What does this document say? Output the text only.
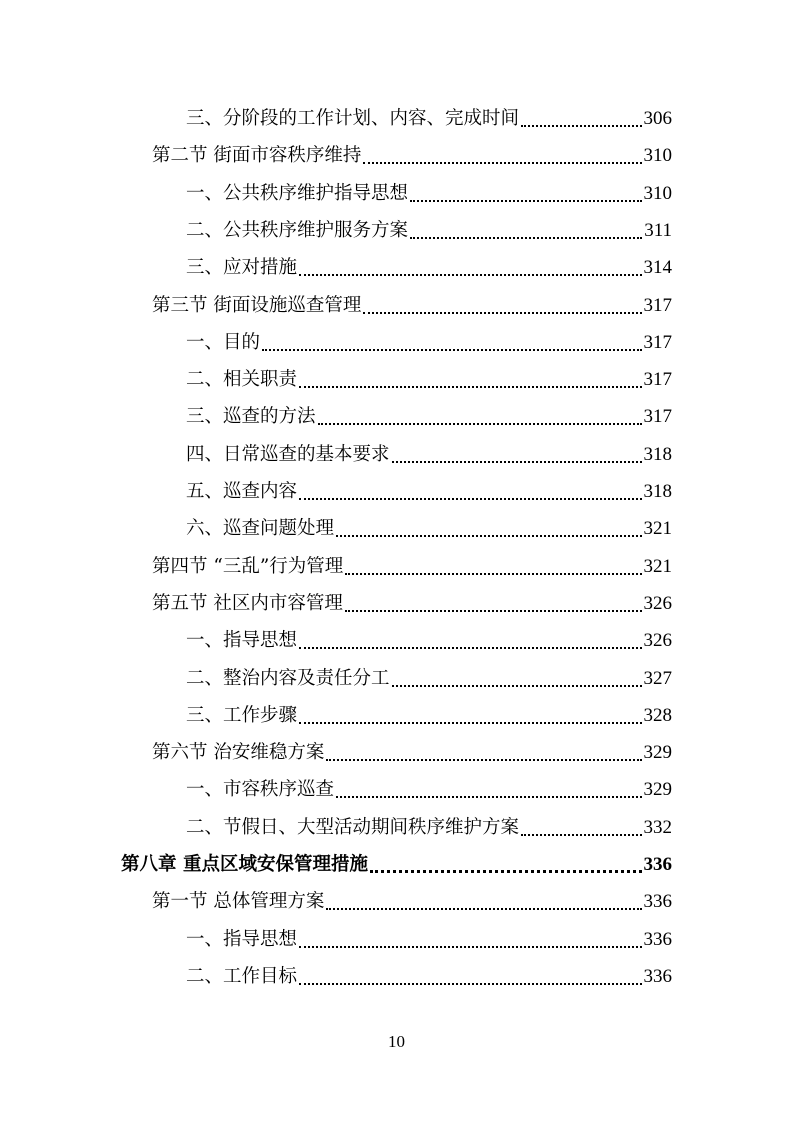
三、分阶段的工作计划、内容、完成时间	306
第二节 街面市容秩序维持	310
一、公共秩序维护指导思想	310
二、公共秩序维护服务方案	311
三、应对措施	314
第三节 街面设施巡查管理	317
一、目的	317
二、相关职责	317
三、巡查的方法	317
四、日常巡查的基本要求	318
五、巡查内容	318
六、巡查问题处理	321
第四节 “三乱”行为管理	321
第五节 社区内市容管理	326
一、指导思想	326
二、整治内容及责任分工	327
三、工作步骤	328
第六节 治安维稳方案	329
一、市容秩序巡查	329
二、节假日、大型活动期间秩序维护方案	332
第八章 重点区域安保管理措施	336
第一节 总体管理方案	336
一、指导思想	336
二、工作目标	336
10
